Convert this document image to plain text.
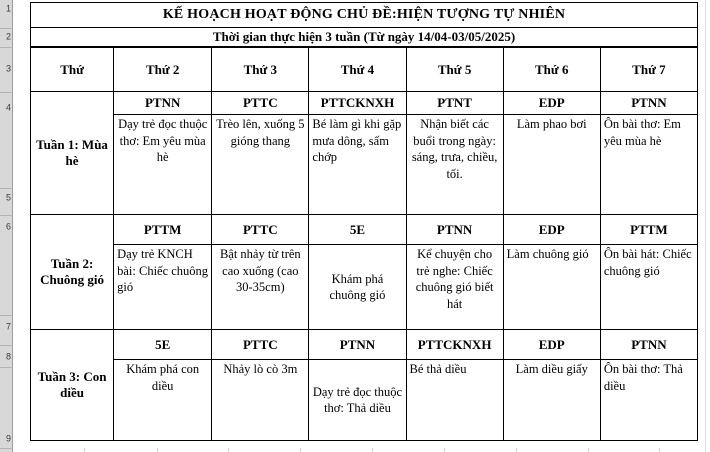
1
2
3
4
5
6
7
8
9
KẾ HOẠCH HOẠT ĐỘNG CHỦ ĐỀ:HIỆN TƯỢNG TỰ NHIÊN
Thời gian thực hiện 3 tuần (Từ ngày 14/04-03/05/2025)
Thứ	Thứ 2	Thứ 3	Thứ 4	Thứ 5	Thứ 6	Thứ 7
Tuần 1: Mùa hè	PTNN	PTTC	PTTCKNXH	PTNT	EDP	PTNN
	Dạy trẻ đọc thuộc thơ: Em yêu mùa hè	Trèo lên, xuống 5 gióng thang	Bé làm gì khi gặp mưa dông, sấm chớp	Nhận biết các buổi trong ngày: sáng, trưa, chiều, tối.	Làm phao bơi	Ôn bài thơ: Em yêu mùa hè
Tuần 2: Chuông gió	PTTM	PTTC	5E	PTNN	EDP	PTTM
	Dạy trẻ KNCH bài: Chiếc chuông gió	Bật nhảy từ trên cao xuống (cao 30-35cm)	Khám phá chuông gió	Kể chuyện cho trẻ nghe: Chiếc chuông gió biết hát	Làm chuông gió	Ôn bài hát: Chiếc chuông gió
Tuần 3: Con diều	5E	PTTC	PTNN	PTTCKNXH	EDP	PTNN
	Khám phá con diều	Nhảy lò cò 3m	Dạy trẻ đọc thuộc thơ: Thả diều	Bé thả diều	Làm diều giấy	Ôn bài thơ: Thả diều
